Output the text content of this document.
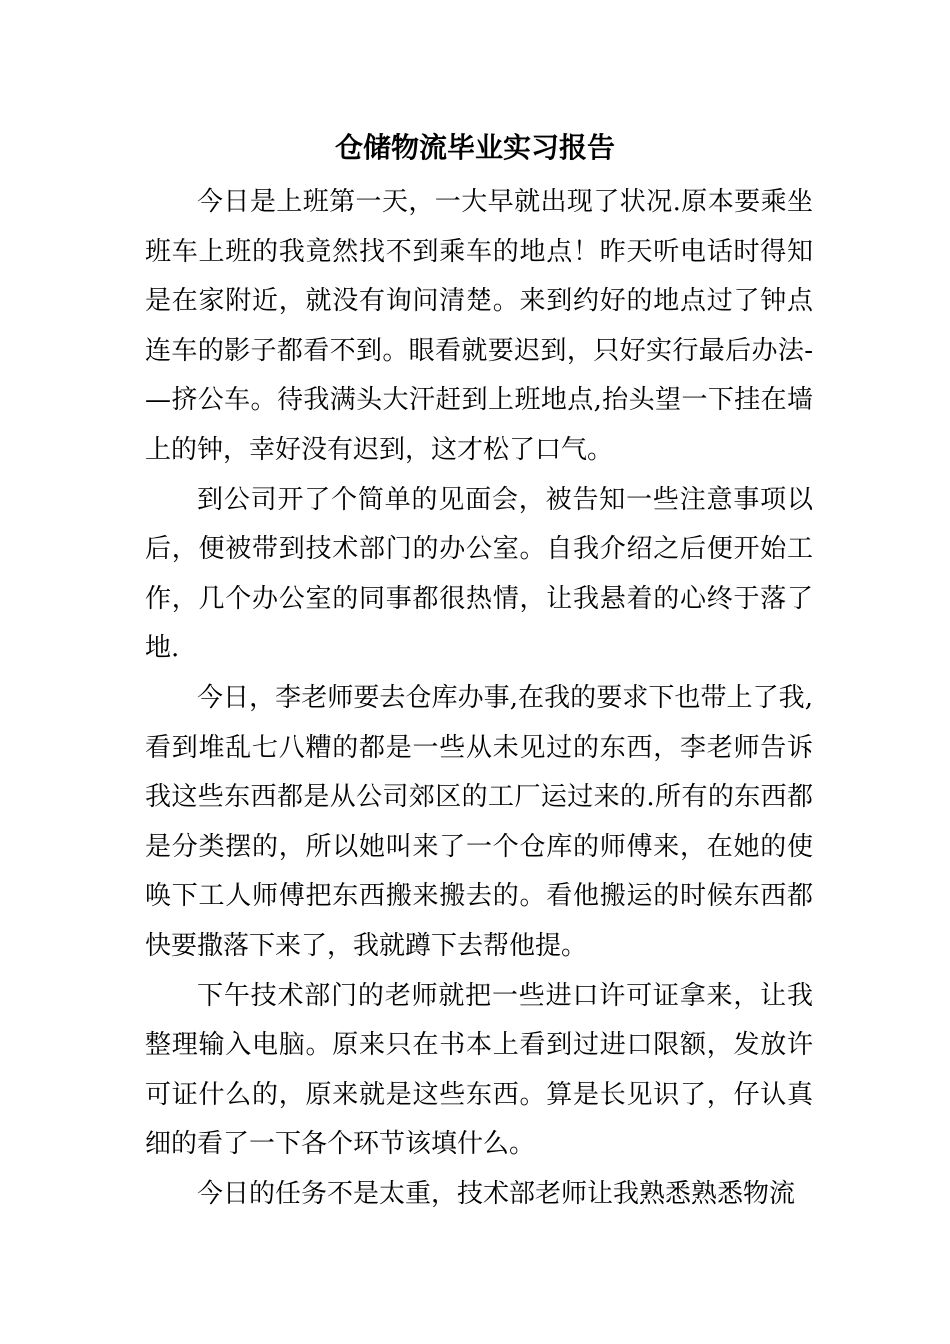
仓储物流毕业实习报告

今日是上班第一天，一大早就出现了状况.原本要乘坐班车上班的我竟然找不到乘车的地点！昨天听电话时得知是在家附近，就没有询问清楚。来到约好的地点过了钟点连车的影子都看不到。眼看就要迟到，只好实行最后办法-—挤公车。待我满头大汗赶到上班地点,抬头望一下挂在墙上的钟，幸好没有迟到，这才松了口气。

到公司开了个简单的见面会，被告知一些注意事项以后，便被带到技术部门的办公室。自我介绍之后便开始工作，几个办公室的同事都很热情，让我悬着的心终于落了地.

今日，李老师要去仓库办事,在我的要求下也带上了我,看到堆乱七八糟的都是一些从未见过的东西，李老师告诉我这些东西都是从公司郊区的工厂运过来的.所有的东西都是分类摆的，所以她叫来了一个仓库的师傅来，在她的使唤下工人师傅把东西搬来搬去的。看他搬运的时候东西都快要撒落下来了，我就蹲下去帮他提。

下午技术部门的老师就把一些进口许可证拿来，让我整理输入电脑。原来只在书本上看到过进口限额，发放许可证什么的，原来就是这些东西。算是长见识了，仔认真细的看了一下各个环节该填什么。

今日的任务不是太重，技术部老师让我熟悉熟悉物流
